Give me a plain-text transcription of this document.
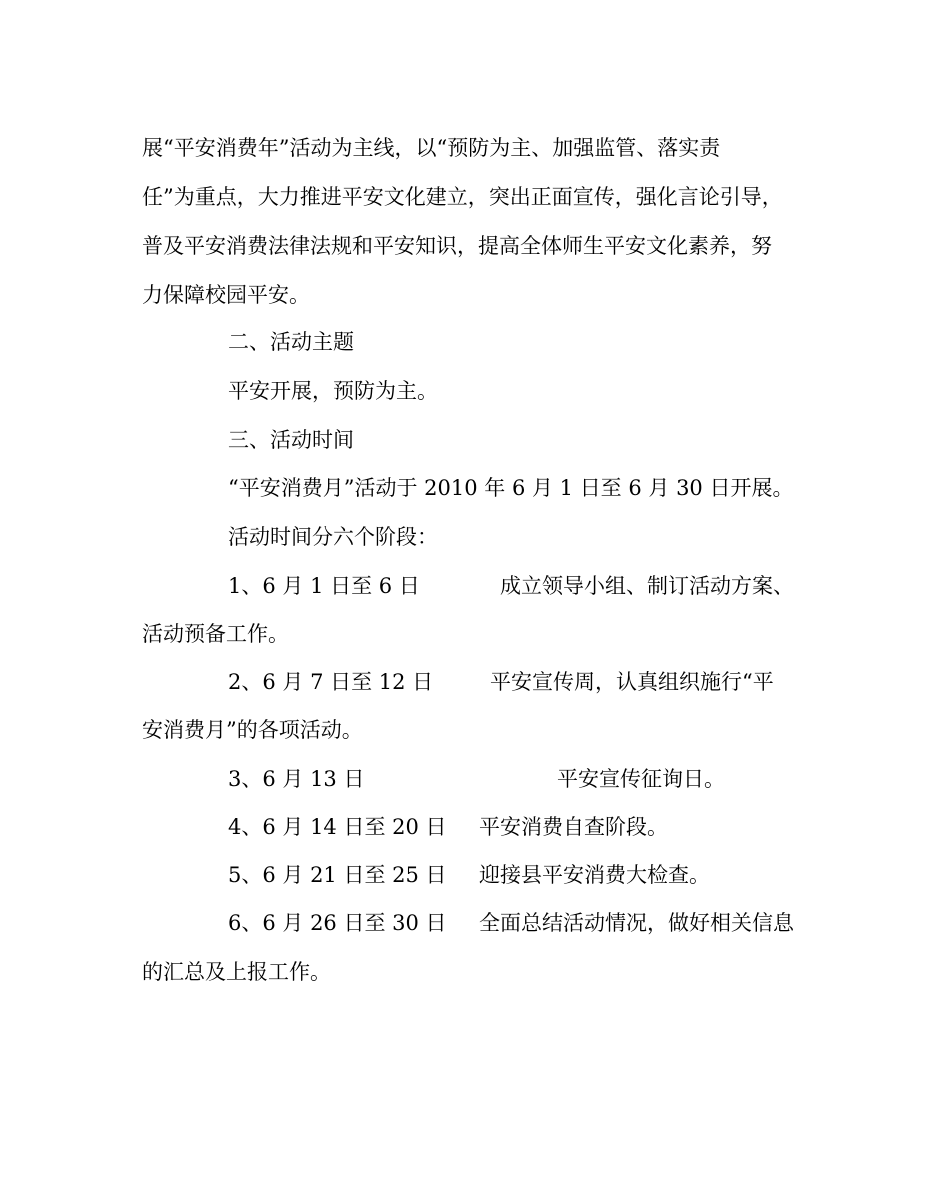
展“平安消费年”活动为主线，以“预防为主、加强监管、落实责
任”为重点，大力推进平安文化建立，突出正面宣传，强化言论引导，
普及平安消费法律法规和平安知识，提高全体师生平安文化素养，努
力保障校园平安。
二、活动主题
平安开展，预防为主。
三、活动时间
“平安消费月”活动于 2010 年 6 月 1 日至 6 月 30 日开展。
活动时间分六个阶段：
1、6 月 1 日至 6 日	成立领导小组、制订活动方案、
活动预备工作。
2、6 月 7 日至 12 日	平安宣传周，认真组织施行“平
安消费月”的各项活动。
3、6 月 13 日	平安宣传征询日。
4、6 月 14 日至 20 日 平安消费自查阶段。
5、6 月 21 日至 25 日 迎接县平安消费大检查。
6、6 月 26 日至 30 日 全面总结活动情况，做好相关信息
的汇总及上报工作。
